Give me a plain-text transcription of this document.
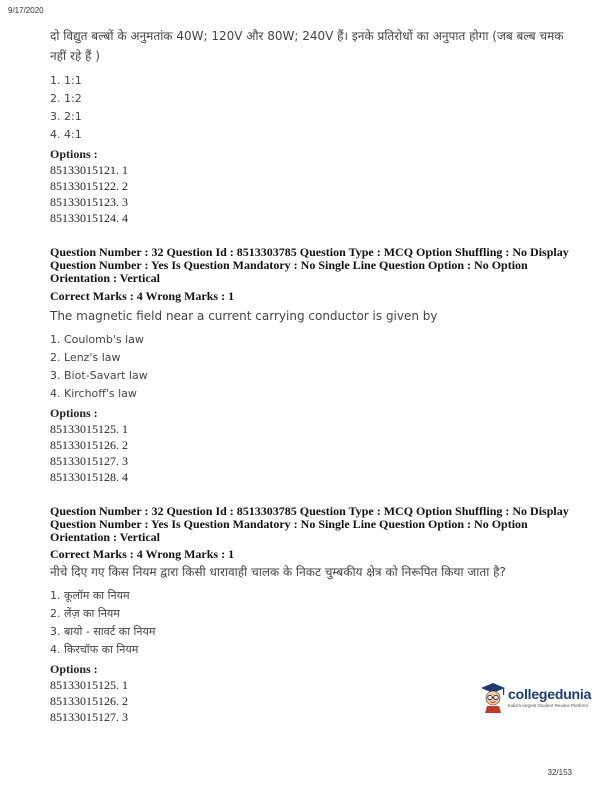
9/17/2020

दो विद्युत बल्बों के अनुमतांक 40W; 120V और 80W; 240V हैं। इनके प्रतिरोधों का अनुपात होगा (जब बल्ब चमक नहीं रहे हैं )

1. 1:1
2. 1:2
3. 2:1
4. 4:1
Options :
85133015121. 1
85133015122. 2
85133015123. 3
85133015124. 4
Question Number : 32 Question Id : 8513303785 Question Type : MCQ Option Shuffling : No Display Question Number : Yes Is Question Mandatory : No Single Line Question Option : No Option Orientation : Vertical
Correct Marks : 4 Wrong Marks : 1

The magnetic field near a current carrying conductor is given by

1. Coulomb's law
2. Lenz's law
3. Biot-Savart law
4. Kirchoff's law
Options :
85133015125. 1
85133015126. 2
85133015127. 3
85133015128. 4
Question Number : 32 Question Id : 8513303785 Question Type : MCQ Option Shuffling : No Display Question Number : Yes Is Question Mandatory : No Single Line Question Option : No Option Orientation : Vertical
Correct Marks : 4 Wrong Marks : 1

नीचे दिए गए किस नियम द्वारा किसी धारावाही चालक के निकट चुम्बकीय क्षेत्र को निरूपित किया जाता है?

1. कूलॉम का नियम
2. लेंज़ का नियम
3. बायो - सावर्ट का नियम
4. किरचॉफ का नियम
Options :
85133015125. 1
85133015126. 2
85133015127. 3
collegedunia
India's largest Student Review Platform
32/153
